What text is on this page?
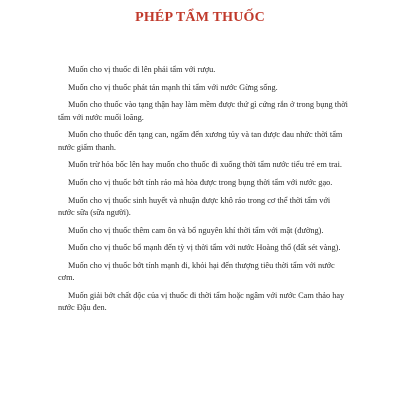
PHÉP TẨM THUỐC

Muốn cho vị thuốc đi lên phải tẩm với rượu.

Muốn cho vị thuốc phát tán mạnh thì tẩm với nước Gừng sống.

Muốn cho thuốc vào tạng thận hay làm mềm được thứ gì cứng rắn ở trong bụng thời tẩm với nước muối loãng.

Muốn cho thuốc đến tạng can, ngấm đến xương tủy và tan được đau nhức thời tẩm nước giấm thanh.

Muốn trừ hỏa bốc lên hay muốn cho thuốc đi xuống thời tẩm nước tiểu trẻ em trai.

Muốn cho vị thuốc bớt tính ráo mà hòa được trong bụng thời tẩm với nước gạo.

Muốn cho vị thuốc sinh huyết và nhuận được khô ráo trong cơ thể thời tẩm với nước sữa (sữa người).

Muốn cho vị thuốc thêm cam ôn và bổ nguyên khí thời tẩm với mật (đường).

Muốn cho vị thuốc bổ mạnh đến tỳ vị thời tẩm với nước Hoàng thổ (đất sét vàng).

Muốn cho vị thuốc bớt tính mạnh đi, khỏi hại đến thượng tiêu thời tẩm với nước cơm.

Muốn giải bớt chất độc của vị thuốc đi thời tẩm hoặc ngâm với nước Cam thảo hay nước Đậu đen.
